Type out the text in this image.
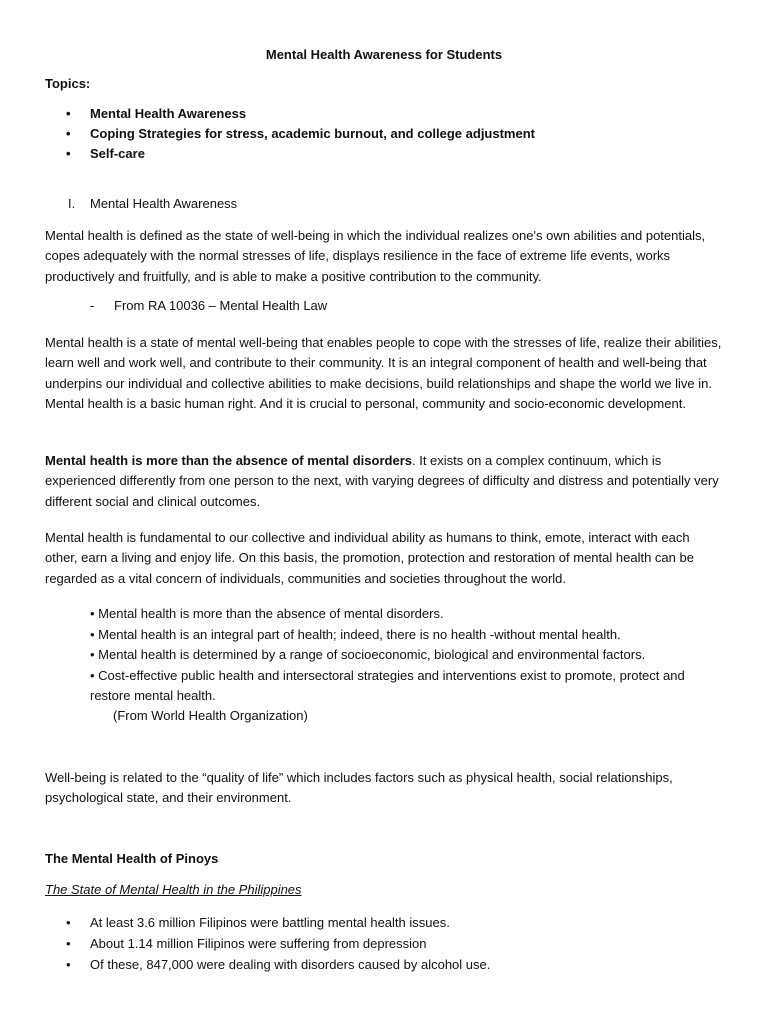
Mental Health Awareness for Students
Topics:
• Mental Health Awareness
• Coping Strategies for stress, academic burnout, and college adjustment
• Self-care
I. Mental Health Awareness

Mental health is defined as the state of well-being in which the individual realizes one's own abilities and potentials, copes adequately with the normal stresses of life, displays resilience in the face of extreme life events, works productively and fruitfully, and is able to make a positive contribution to the community.

- From RA 10036 – Mental Health Law

Mental health is a state of mental well-being that enables people to cope with the stresses of life, realize their abilities, learn well and work well, and contribute to their community. It is an integral component of health and well-being that underpins our individual and collective abilities to make decisions, build relationships and shape the world we live in. Mental health is a basic human right. And it is crucial to personal, community and socio-economic development.

Mental health is more than the absence of mental disorders. It exists on a complex continuum, which is experienced differently from one person to the next, with varying degrees of difficulty and distress and potentially very different social and clinical outcomes.

Mental health is fundamental to our collective and individual ability as humans to think, emote, interact with each other, earn a living and enjoy life. On this basis, the promotion, protection and restoration of mental health can be regarded as a vital concern of individuals, communities and societies throughout the world.

• Mental health is more than the absence of mental disorders.
• Mental health is an integral part of health; indeed, there is no health -without mental health.
• Mental health is determined by a range of socioeconomic, biological and environmental factors.
• Cost-effective public health and intersectoral strategies and interventions exist to promote, protect and restore mental health.
(From World Health Organization)

Well-being is related to the “quality of life” which includes factors such as physical health, social relationships, psychological state, and their environment.

The Mental Health of Pinoys
The State of Mental Health in the Philippines
• At least 3.6 million Filipinos were battling mental health issues.
• About 1.14 million Filipinos were suffering from depression
• Of these, 847,000 were dealing with disorders caused by alcohol use.
